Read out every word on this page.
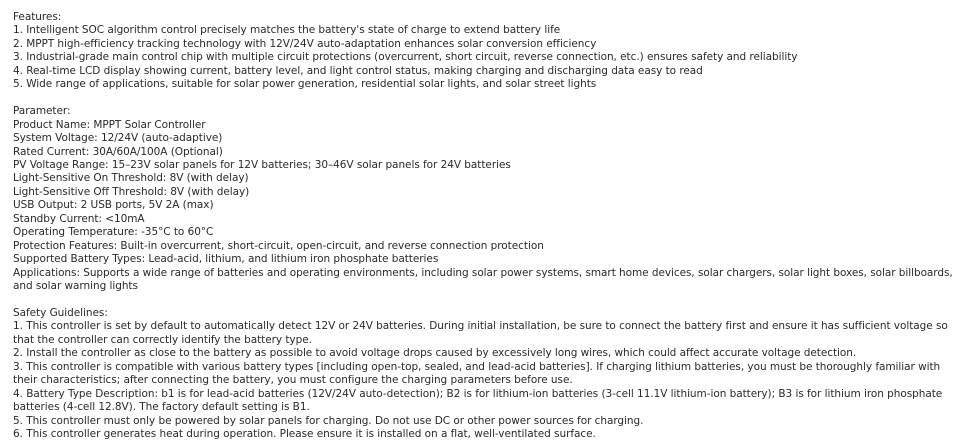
Features:
1. Intelligent SOC algorithm control precisely matches the battery's state of charge to extend battery life
2. MPPT high-efficiency tracking technology with 12V/24V auto-adaptation enhances solar conversion efficiency
3. Industrial-grade main control chip with multiple circuit protections (overcurrent, short circuit, reverse connection, etc.) ensures safety and reliability
4. Real-time LCD display showing current, battery level, and light control status, making charging and discharging data easy to read
5. Wide range of applications, suitable for solar power generation, residential solar lights, and solar street lights
Parameter:
Product Name: MPPT Solar Controller
System Voltage: 12/24V (auto-adaptive)
Rated Current: 30A/60A/100A (Optional)
PV Voltage Range: 15–23V solar panels for 12V batteries; 30–46V solar panels for 24V batteries
Light-Sensitive On Threshold: 8V (with delay)
Light-Sensitive Off Threshold: 8V (with delay)
USB Output: 2 USB ports, 5V 2A (max)
Standby Current: <10mA
Operating Temperature: -35°C to 60°C
Protection Features: Built-in overcurrent, short-circuit, open-circuit, and reverse connection protection
Supported Battery Types: Lead-acid, lithium, and lithium iron phosphate batteries
Applications: Supports a wide range of batteries and operating environments, including solar power systems, smart home devices, solar chargers, solar light boxes, solar billboards,
and solar warning lights
Safety Guidelines:
1. This controller is set by default to automatically detect 12V or 24V batteries. During initial installation, be sure to connect the battery first and ensure it has sufficient voltage so
that the controller can correctly identify the battery type.
2. Install the controller as close to the battery as possible to avoid voltage drops caused by excessively long wires, which could affect accurate voltage detection.
3. This controller is compatible with various battery types [including open-top, sealed, and lead-acid batteries]. If charging lithium batteries, you must be thoroughly familiar with
their characteristics; after connecting the battery, you must configure the charging parameters before use.
4. Battery Type Description: b1 is for lead-acid batteries (12V/24V auto-detection); B2 is for lithium-ion batteries (3-cell 11.1V lithium-ion battery); B3 is for lithium iron phosphate
batteries (4-cell 12.8V). The factory default setting is B1.
5. This controller must only be powered by solar panels for charging. Do not use DC or other power sources for charging.
6. This controller generates heat during operation. Please ensure it is installed on a flat, well-ventilated surface.
